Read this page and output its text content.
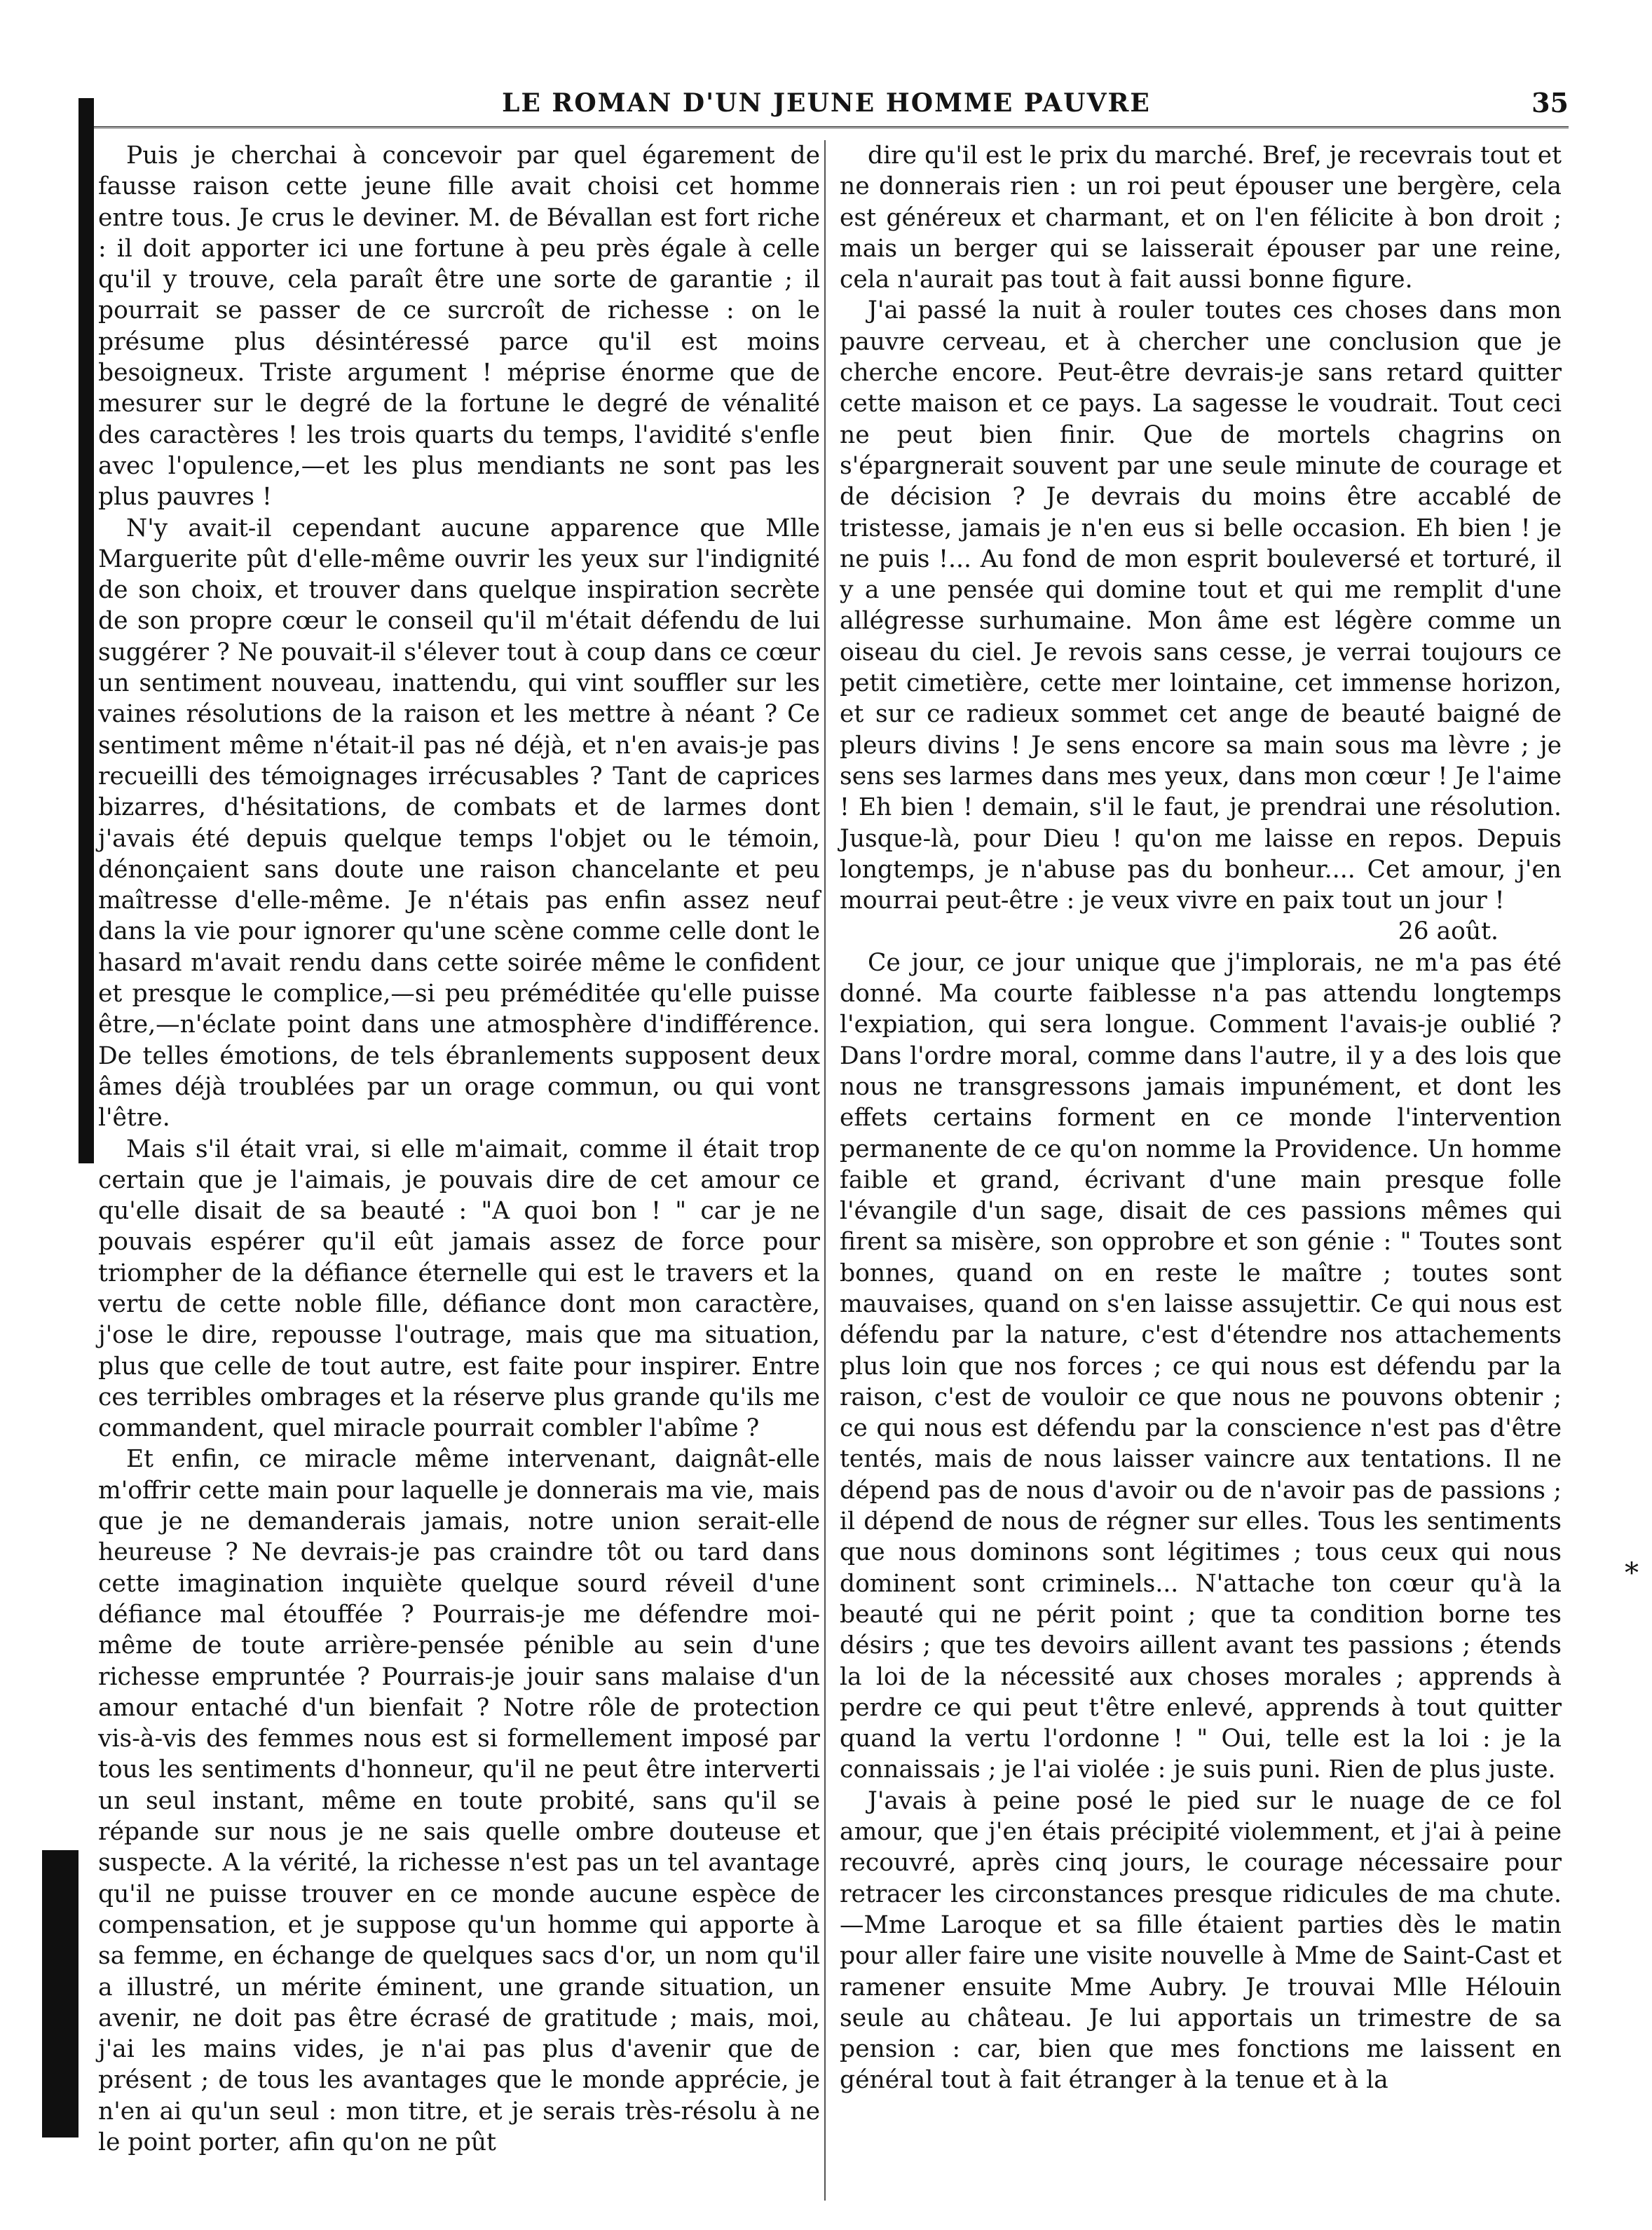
LE ROMAN D'UN JEUNE HOMME PAUVRE	35

Puis je cherchai à concevoir par quel égarement de fausse raison cette jeune fille avait choisi cet homme entre tous. Je crus le deviner. M. de Bévallan est fort riche : il doit apporter ici une fortune à peu près égale à celle qu'il y trouve, cela paraît être une sorte de garantie ; il pourrait se passer de ce surcroît de richesse : on le présume plus désintéressé parce qu'il est moins besoigneux. Triste argument ! méprise énorme que de mesurer sur le degré de la fortune le degré de vénalité des caractères ! les trois quarts du temps, l'avidité s'enfle avec l'opulence,—et les plus mendiants ne sont pas les plus pauvres !

N'y avait-il cependant aucune apparence que Mlle Marguerite pût d'elle-même ouvrir les yeux sur l'indignité de son choix, et trouver dans quelque inspiration secrète de son propre cœur le conseil qu'il m'était défendu de lui suggérer ? Ne pouvait-il s'élever tout à coup dans ce cœur un sentiment nouveau, inattendu, qui vint souffler sur les vaines résolutions de la raison et les mettre à néant ? Ce sentiment même n'était-il pas né déjà, et n'en avais-je pas recueilli des témoignages irrécusables ? Tant de caprices bizarres, d'hésitations, de combats et de larmes dont j'avais été depuis quelque temps l'objet ou le témoin, dénonçaient sans doute une raison chancelante et peu maîtresse d'elle-même. Je n'étais pas enfin assez neuf dans la vie pour ignorer qu'une scène comme celle dont le hasard m'avait rendu dans cette soirée même le confident et presque le complice,—si peu préméditée qu'elle puisse être,—n'éclate point dans une atmosphère d'indifférence. De telles émotions, de tels ébranlements supposent deux âmes déjà troublées par un orage commun, ou qui vont l'être.

Mais s'il était vrai, si elle m'aimait, comme il était trop certain que je l'aimais, je pouvais dire de cet amour ce qu'elle disait de sa beauté : "A quoi bon ! " car je ne pouvais espérer qu'il eût jamais assez de force pour triompher de la défiance éternelle qui est le travers et la vertu de cette noble fille, défiance dont mon caractère, j'ose le dire, repousse l'outrage, mais que ma situation, plus que celle de tout autre, est faite pour inspirer. Entre ces terribles ombrages et la réserve plus grande qu'ils me commandent, quel miracle pourrait combler l'abîme ?

Et enfin, ce miracle même intervenant, daignât-elle m'offrir cette main pour laquelle je donnerais ma vie, mais que je ne demanderais jamais, notre union serait-elle heureuse ? Ne devrais-je pas craindre tôt ou tard dans cette imagination inquiète quelque sourd réveil d'une défiance mal étouffée ? Pourrais-je me défendre moi-même de toute arrière-pensée pénible au sein d'une richesse empruntée ? Pourrais-je jouir sans malaise d'un amour entaché d'un bienfait ? Notre rôle de protection vis-à-vis des femmes nous est si formellement imposé par tous les sentiments d'honneur, qu'il ne peut être interverti un seul instant, même en toute probité, sans qu'il se répande sur nous je ne sais quelle ombre douteuse et suspecte. A la vérité, la richesse n'est pas un tel avantage qu'il ne puisse trouver en ce monde aucune espèce de compensation, et je suppose qu'un homme qui apporte à sa femme, en échange de quelques sacs d'or, un nom qu'il a illustré, un mérite éminent, une grande situation, un avenir, ne doit pas être écrasé de gratitude ; mais, moi, j'ai les mains vides, je n'ai pas plus d'avenir que de présent ; de tous les avantages que le monde apprécie, je n'en ai qu'un seul : mon titre, et je serais très-résolu à ne le point porter, afin qu'on ne pût

dire qu'il est le prix du marché. Bref, je recevrais tout et ne donnerais rien : un roi peut épouser une bergère, cela est généreux et charmant, et on l'en félicite à bon droit ; mais un berger qui se laisserait épouser par une reine, cela n'aurait pas tout à fait aussi bonne figure.

J'ai passé la nuit à rouler toutes ces choses dans mon pauvre cerveau, et à chercher une conclusion que je cherche encore. Peut-être devrais-je sans retard quitter cette maison et ce pays. La sagesse le voudrait. Tout ceci ne peut bien finir. Que de mortels chagrins on s'épargnerait souvent par une seule minute de courage et de décision ? Je devrais du moins être accablé de tristesse, jamais je n'en eus si belle occasion. Eh bien ! je ne puis !... Au fond de mon esprit bouleversé et torturé, il y a une pensée qui domine tout et qui me remplit d'une allégresse surhumaine. Mon âme est légère comme un oiseau du ciel. Je revois sans cesse, je verrai toujours ce petit cimetière, cette mer lointaine, cet immense horizon, et sur ce radieux sommet cet ange de beauté baigné de pleurs divins ! Je sens encore sa main sous ma lèvre ; je sens ses larmes dans mes yeux, dans mon cœur ! Je l'aime ! Eh bien ! demain, s'il le faut, je prendrai une résolution. Jusque-là, pour Dieu ! qu'on me laisse en repos. Depuis longtemps, je n'abuse pas du bonheur.... Cet amour, j'en mourrai peut-être : je veux vivre en paix tout un jour !

26 août.

Ce jour, ce jour unique que j'implorais, ne m'a pas été donné. Ma courte faiblesse n'a pas attendu longtemps l'expiation, qui sera longue. Comment l'avais-je oublié ? Dans l'ordre moral, comme dans l'autre, il y a des lois que nous ne transgressons jamais impunément, et dont les effets certains forment en ce monde l'intervention permanente de ce qu'on nomme la Providence. Un homme faible et grand, écrivant d'une main presque folle l'évangile d'un sage, disait de ces passions mêmes qui firent sa misère, son opprobre et son génie : " Toutes sont bonnes, quand on en reste le maître ; toutes sont mauvaises, quand on s'en laisse assujettir. Ce qui nous est défendu par la nature, c'est d'étendre nos attachements plus loin que nos forces ; ce qui nous est défendu par la raison, c'est de vouloir ce que nous ne pouvons obtenir ; ce qui nous est défendu par la conscience n'est pas d'être tentés, mais de nous laisser vaincre aux tentations. Il ne dépend pas de nous d'avoir ou de n'avoir pas de passions ; il dépend de nous de régner sur elles. Tous les sentiments que nous dominons sont légitimes ; tous ceux qui nous dominent sont criminels... N'attache ton cœur qu'à la beauté qui ne périt point ; que ta condition borne tes désirs ; que tes devoirs aillent avant tes passions ; étends la loi de la nécessité aux choses morales ; apprends à perdre ce qui peut t'être enlevé, apprends à tout quitter quand la vertu l'ordonne ! " Oui, telle est la loi : je la connaissais ; je l'ai violée : je suis puni. Rien de plus juste.

J'avais à peine posé le pied sur le nuage de ce fol amour, que j'en étais précipité violemment, et j'ai à peine recouvré, après cinq jours, le courage nécessaire pour retracer les circonstances presque ridicules de ma chute.—Mme Laroque et sa fille étaient parties dès le matin pour aller faire une visite nouvelle à Mme de Saint-Cast et ramener ensuite Mme Aubry. Je trouvai Mlle Hélouin seule au château. Je lui apportais un trimestre de sa pension : car, bien que mes fonctions me laissent en général tout à fait étranger à la tenue et à la

*
